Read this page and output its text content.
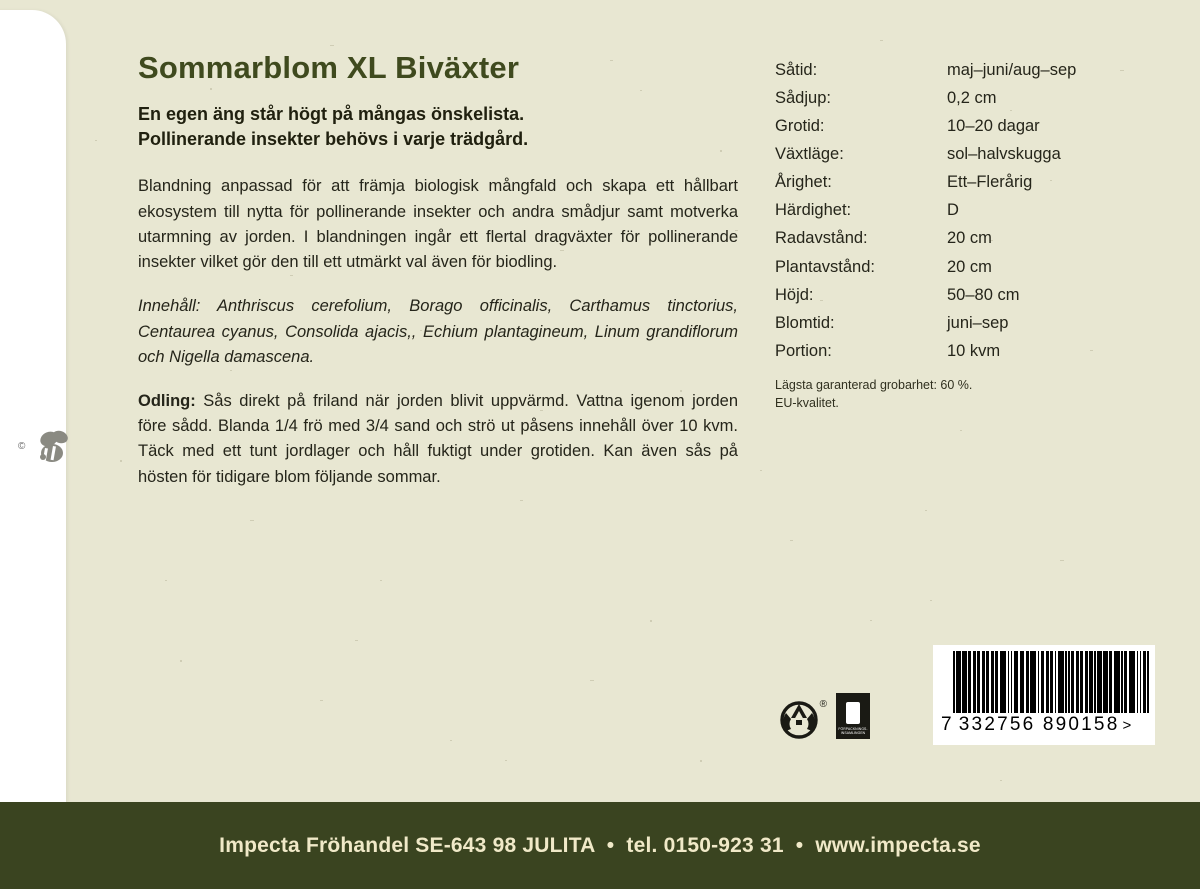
©
Sommarblom XL Biväxter
En egen äng står högt på mångas önskelista.
Pollinerande insekter behövs i varje trädgård.

Blandning anpassad för att främja biologisk mångfald och skapa ett hållbart ekosystem till nytta för pollinerande insekter och andra smådjur samt motverka utarmning av jorden. I blandningen ingår ett flertal dragväxter för pollinerande insekter vilket gör den till ett utmärkt val även för biodling.

Innehåll: Anthriscus cerefolium, Borago officinalis, Carthamus tinctorius, Centaurea cyanus, Consolida ajacis,, Echium plantagineum, Linum grandiflorum och Nigella damascena.

Odling: Sås direkt på friland när jorden blivit uppvärmd. Vattna igenom jorden före sådd. Blanda 1/4 frö med 3/4 sand och strö ut påsens innehåll över 10 kvm. Täck med ett tunt jordlager och håll fuktigt under grotiden. Kan även sås på hösten för tidigare blom följande sommar.

Såtid:	maj–juni/aug–sep
Sådjup:	0,2 cm
Grotid:	10–20 dagar
Växtläge:	sol–halvskugga
Årighet:	Ett–Flerårig
Härdighet:	D
Radavstånd:	20 cm
Plantavstånd:	20 cm
Höjd:	50–80 cm
Blomtid:	juni–sep
Portion:	10 kvm
Lägsta garanterad grobarhet: 60 %.
EU-kvalitet.
®
FÖRPACKNINGS-
INSAMLINGEN	7 332756 890158 >
Impecta Fröhandel SE-643 98 JULITA • tel. 0150-923 31 • www.impecta.se
